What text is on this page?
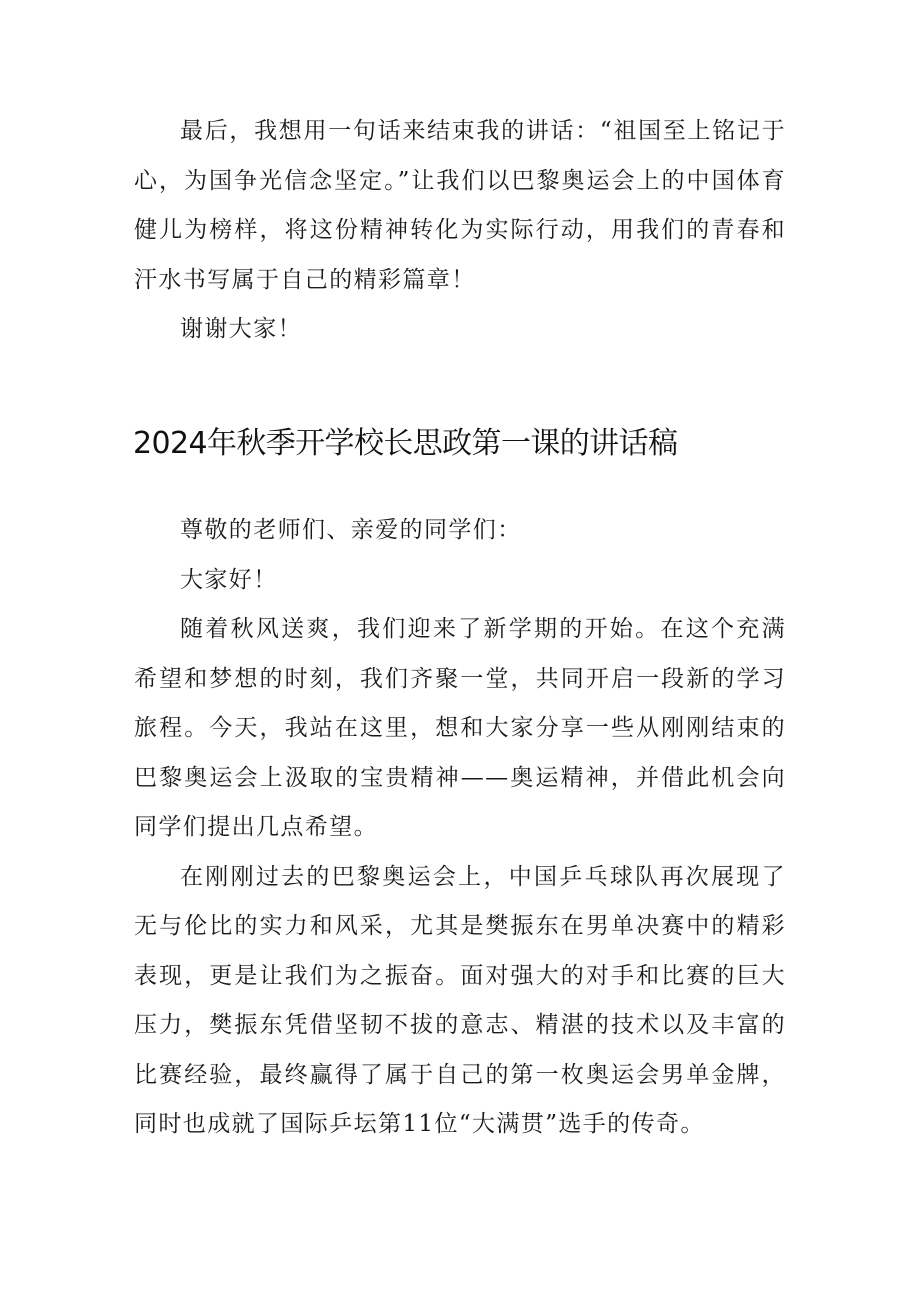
最后，我想用一句话来结束我的讲话：“祖国至上铭记于心，为国争光信念坚定。”让我们以巴黎奥运会上的中国体育健儿为榜样，将这份精神转化为实际行动，用我们的青春和汗水书写属于自己的精彩篇章！

谢谢大家！

2024年秋季开学校长思政第一课的讲话稿

尊敬的老师们、亲爱的同学们：

大家好！

随着秋风送爽，我们迎来了新学期的开始。在这个充满希望和梦想的时刻，我们齐聚一堂，共同开启一段新的学习旅程。今天，我站在这里，想和大家分享一些从刚刚结束的巴黎奥运会上汲取的宝贵精神——奥运精神，并借此机会向同学们提出几点希望。

在刚刚过去的巴黎奥运会上，中国乒乓球队再次展现了无与伦比的实力和风采，尤其是樊振东在男单决赛中的精彩表现，更是让我们为之振奋。面对强大的对手和比赛的巨大压力，樊振东凭借坚韧不拔的意志、精湛的技术以及丰富的比赛经验，最终赢得了属于自己的第一枚奥运会男单金牌，同时也成就了国际乒坛第11位“大满贯”选手的传奇。
